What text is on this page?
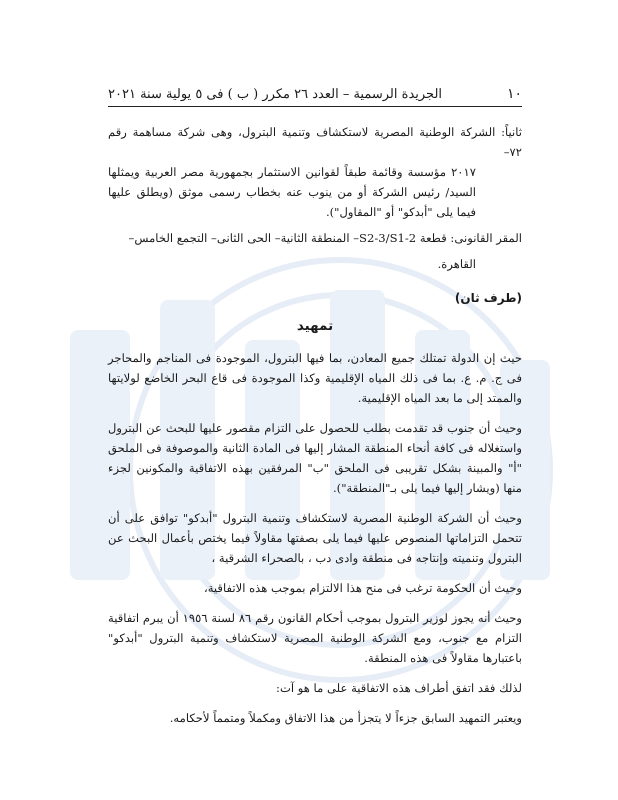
١٠
الجريدة الرسمية – العدد ٢٦ مكرر ( ب ) فى ٥ يولية سنة ٢٠٢١

ثانياً: الشركة الوطنية المصرية لاستكشاف وتنمية البترول، وهى شركة مساهمة رقم ٧٢–

٢٠١٧ مؤسسة وقائمة طبقاً لقوانين الاستثمار بجمهورية مصر العربية ويمثلها السيد/ رئيس الشركة أو من ينوب عنه بخطاب رسمى موثق (ويطلق عليها فيما يلى "أبدكو" أو "المقاول").

المقر القانونى: قطعة S2-3/S1-2– المنطقة الثانية– الحى الثانى– التجمع الخامس–

القاهرة.

(طرف ثان)
تمهيد

حيث إن الدولة تمتلك جميع المعادن، بما فيها البترول، الموجودة فى المناجم والمحاجر فى ج. م. ع. بما فى ذلك المياه الإقليمية وكذا الموجودة فى قاع البحر الخاضع لولايتها والممتد إلى ما بعد المياه الإقليمية.

وحيث أن جنوب قد تقدمت بطلب للحصول على التزام مقصور عليها للبحث عن البترول واستغلاله فى كافة أنحاء المنطقة المشار إليها فى المادة الثانية والموصوفة فى الملحق "أ" والمبينة بشكل تقريبى فى الملحق "ب" المرفقين بهذه الاتفاقية والمكونين لجزء منها (ويشار إليها فيما يلى بـ"المنطقة").

وحيث أن الشركة الوطنية المصرية لاستكشاف وتنمية البترول "أبدكو" توافق على أن تتحمل التزاماتها المنصوص عليها فيما يلى بصفتها مقاولاً فيما يختص بأعمال البحث عن البترول وتنميته وإنتاجه فى منطقة وادى دب ، بالصحراء الشرقية ،

وحيث أن الحكومة ترغب فى منح هذا الالتزام بموجب هذه الاتفاقية،

وحيث أنه يجوز لوزير البترول بموجب أحكام القانون رقم ٨٦ لسنة ١٩٥٦ أن يبرم اتفاقية التزام مع جنوب، ومع الشركة الوطنية المصرية لاستكشاف وتنمية البترول "أبدكو" باعتبارها مقاولاً فى هذه المنطقة.

لذلك فقد اتفق أطراف هذه الاتفاقية على ما هو آت:

ويعتبر التمهيد السابق جزءاً لا يتجزأ من هذا الاتفاق ومكملاً ومتمماً لأحكامه.
